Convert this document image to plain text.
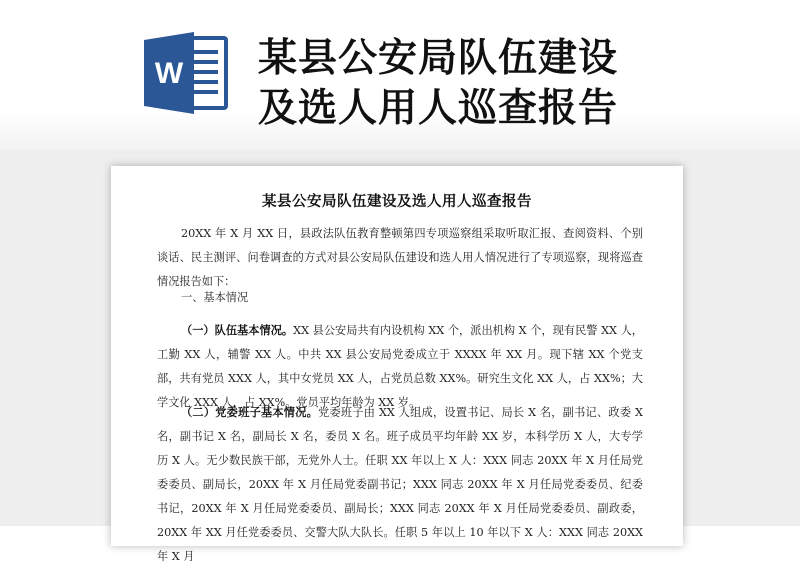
W 某县公安局队伍建设
及选人用人巡查报告
某县公安局队伍建设及选人用人巡查报告
20XX 年 X 月 XX 日，县政法队伍教育整顿第四专项巡察组采取听取汇报、查阅资料、个别谈话、民主测评、问卷调查的方式对县公安局队伍建设和选人用人情况进行了专项巡察，现将巡查情况报告如下：
一、基本情况
（一）队伍基本情况。XX 县公安局共有内设机构 XX 个，派出机构 X 个，现有民警 XX 人，工勤 XX 人，辅警 XX 人。中共 XX 县公安局党委成立于 XXXX 年 XX 月。现下辖 XX 个党支部，共有党员 XXX 人，其中女党员 XX 人，占党员总数 XX%。研究生文化 XX 人，占 XX%；大学文化 XXX 人，占 XX%。党员平均年龄为 XX 岁。
（二）党委班子基本情况。党委班子由 XX 人组成，设置书记、局长 X 名，副书记、政委 X 名，副书记 X 名，副局长 X 名，委员 X 名。班子成员平均年龄 XX 岁，本科学历 X 人，大专学历 X 人。无少数民族干部，无党外人士。任职 XX 年以上 X 人：XXX 同志 20XX 年 X 月任局党委委员、副局长，20XX 年 X 月任局党委副书记；XXX 同志 20XX 年 X 月任局党委委员、纪委书记，20XX 年 X 月任局党委委员、副局长；XXX 同志 20XX 年 X 月任局党委委员、副政委，20XX 年 XX 月任党委委员、交警大队大队长。任职 5 年以上 10 年以下 X 人：XXX 同志 20XX 年 X 月
